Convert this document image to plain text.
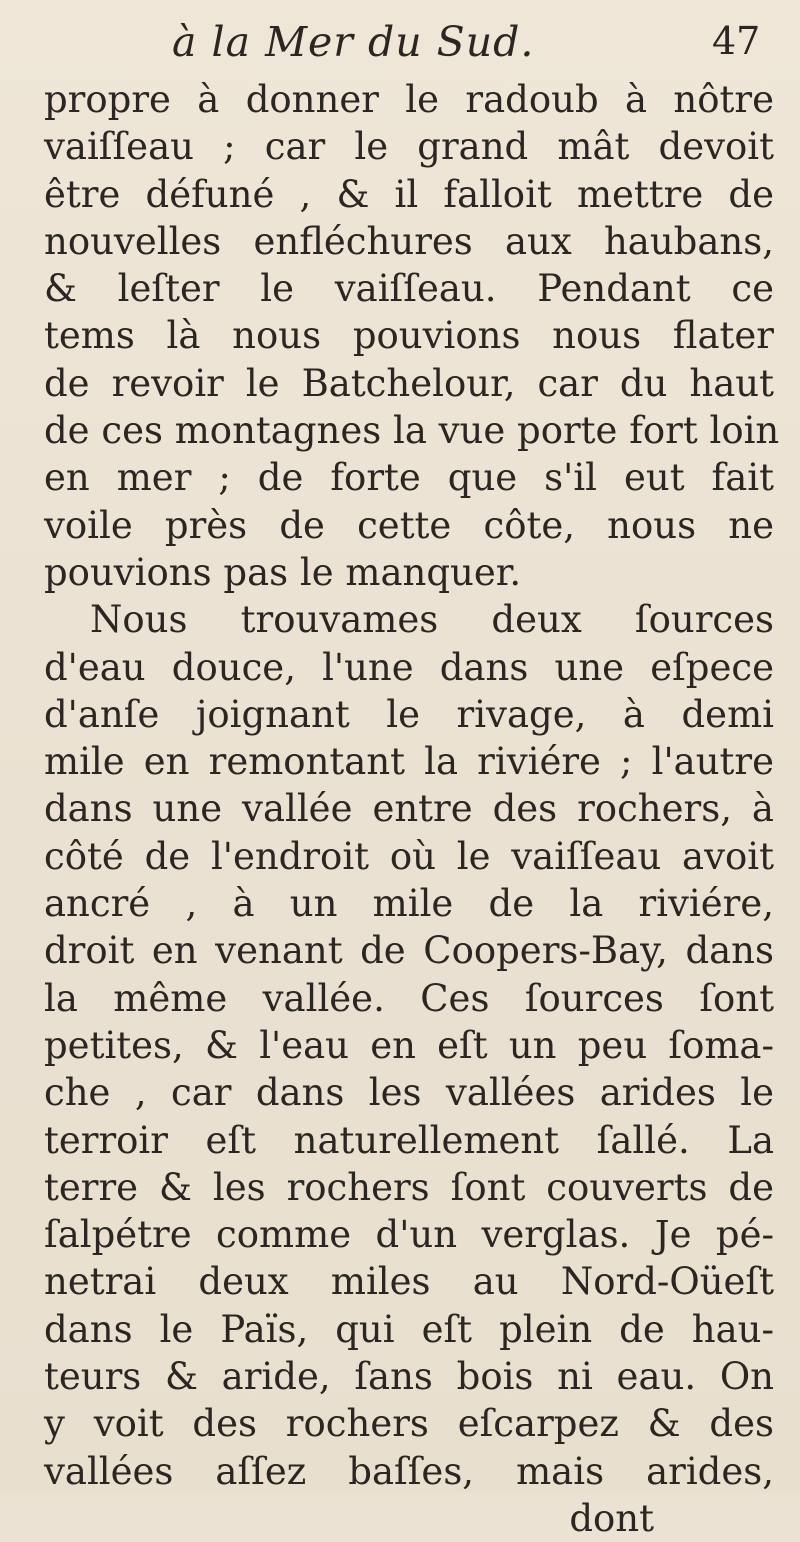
à la Mer du Sud.	47
propre à donner le radoub à nôtre
vaiſſeau ; car le grand mât devoit
être défuné , & il falloit mettre de
nouvelles enfléchures aux haubans,
& leſter le vaiſſeau. Pendant ce
tems là nous pouvions nous flater
de revoir le Batchelour, car du haut
de ces montagnes la vue porte fort loin
en mer ; de forte que s'il eut fait
voile près de cette côte, nous ne
pouvions pas le manquer.
Nous trouvames deux ſources
d'eau douce, l'une dans une eſpece
d'anſe joignant le rivage, à demi
mile en remontant la riviére ; l'autre
dans une vallée entre des rochers, à
côté de l'endroit où le vaiſſeau avoit
ancré , à un mile de la riviére,
droit en venant de Coopers-Bay, dans
la même vallée. Ces ſources ſont
petites, & l'eau en eſt un peu ſoma-
che , car dans les vallées arides le
terroir eſt naturellement ſallé. La
terre & les rochers ſont couverts de
ſalpétre comme d'un verglas. Je pé-
netrai deux miles au Nord-Oüeſt
dans le Païs, qui eſt plein de hau-
teurs & aride, ſans bois ni eau. On
y voit des rochers eſcarpez & des
vallées aſſez baſſes, mais arides,
dont
